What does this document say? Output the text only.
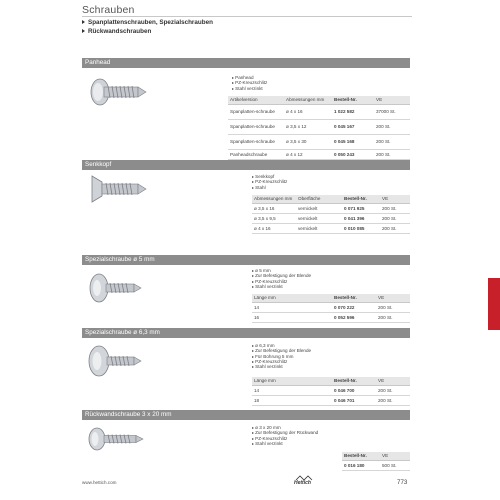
Schrauben
Spanplattenschrauben, Spezialschrauben
Rückwandschrauben
Panhead
▸ Panhead
▸ PZ-Kreuzschlitz
▸ Stahl verzinkt
Artikelversion	Abmessungen mm	Bestell-Nr.	VE
Spanplatten-schraube	ø 4 x 16	1 022 582	37000 St.
Spanplatten-schraube	ø 3,5 x 12	0 045 167	200 St.
Spanplatten-schraube	ø 3,5 x 30	0 045 168	200 St.
Panheadschraube	ø 4 x 12	0 050 243	200 St.
Senkkopf
▸ Senkkopf
▸ PZ-Kreuzschlitz
▸ Stahl
Abmessungen mm	Oberfläche	Bestell-Nr.	VE
ø 3,5 x 16	vernickelt	0 071 925	200 St.
ø 3,5 x 9,5	vernickelt	0 041 396	200 St.
ø 4 x 16	vernickelt	0 010 085	200 St.
Spezialschraube ø 5 mm
▸ ø 5 mm
▸ Zur Befestigung der Blende
▸ PZ-Kreuzschlitz
▸ Stahl verzinkt
Länge mm	Bestell-Nr.	VE
14	0 070 222	200 St.
16	0 052 596	200 St.
Spezialschraube ø 6,3 mm
▸ ø 6,3 mm
▸ Zur Befestigung der Blende
▸ Für Bohrung 5 mm
▸ PZ-Kreuzschlitz
▸ Stahl verzinkt
Länge mm	Bestell-Nr.	VE
14	0 046 700	200 St.
18	0 046 701	200 St.
Rückwandschraube 3 x 20 mm
▸ ø 3 x 20 mm
▸ Zur Befestigung der Rückwand
▸ PZ-Kreuzschlitz
▸ Stahl verzinkt
Bestell-Nr.	VE
0 016 180	500 St.
www.hettich.com	Hettich	773
